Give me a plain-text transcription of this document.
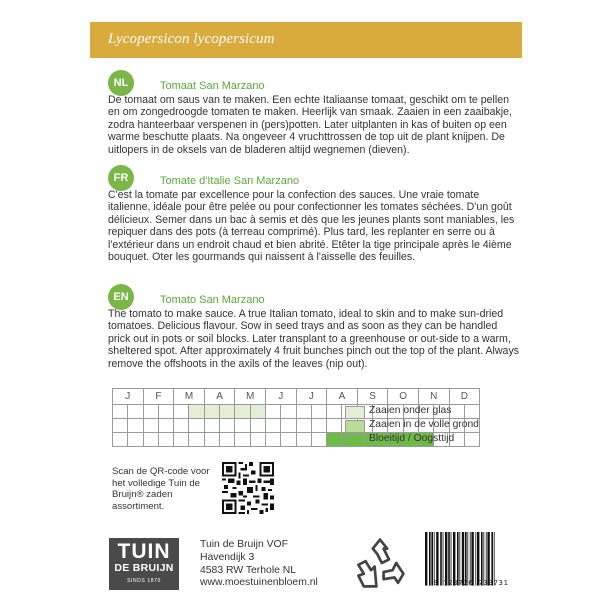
Lycopersicon lycopersicum
NL	Tomaat San Marzano
De tomaat om saus van te maken. Een echte Italiaanse tomaat, geschikt om te pellen en om zongedroogde tomaten te maken. Heerlijk van smaak. Zaaien in een zaaibakje, zodra hanteerbaar verspenen in (pers)potten. Later uitplanten in kas of buiten op een warme beschutte plaats. Na ongeveer 4 vruchttrossen de top uit de plant knijpen. De uitlopers in de oksels van de bladeren altijd wegnemen (dieven).
FR	Tomate d'Italie San Marzano
C'est la tomate par excellence pour la confection des sauces. Une vraie tomate italienne, idéale pour être pelée ou pour confectionner les tomates séchées. D'un goût délicieux. Semer dans un bac à semis et dès que les jeunes plants sont maniables, les repiquer dans des pots (à terreau comprimé). Plus tard, les replanter en serre ou à l'extérieur dans un endroit chaud et bien abrité. Etêter la tige principale après le 4ième bouquet. Oter les gourmands qui naissent à l'aisselle des feuilles.
EN	Tomato San Marzano
The tomato to make sauce. A true Italian tomato, ideal to skin and to make sun-dried tomatoes. Delicious flavour. Sow in seed trays and as soon as they can be handled prick out in pots or soil blocks. Later transplant to a greenhouse or out-side to a warm, sheltered spot. After approximately 4 fruit bunches pinch out the top of the plant. Always remove the offshoots in the axils of the leaves (nip out).
J		F		M		A		M		J		J		A		S		O		N		D	

Zaaien onder glas
Zaaien in de volle grond
Bloeitijd / Oogsttijd
Scan de QR-code voor het volledige Tuin de Bruijn® zaden assortiment.
TUIN
DE BRUIJN
SINDS 1870
Tuin de Bruijn VOF
Havendijk 3
4583 RW Terhole NL
www.moestuinenbloem.nl	8 720726 733731
